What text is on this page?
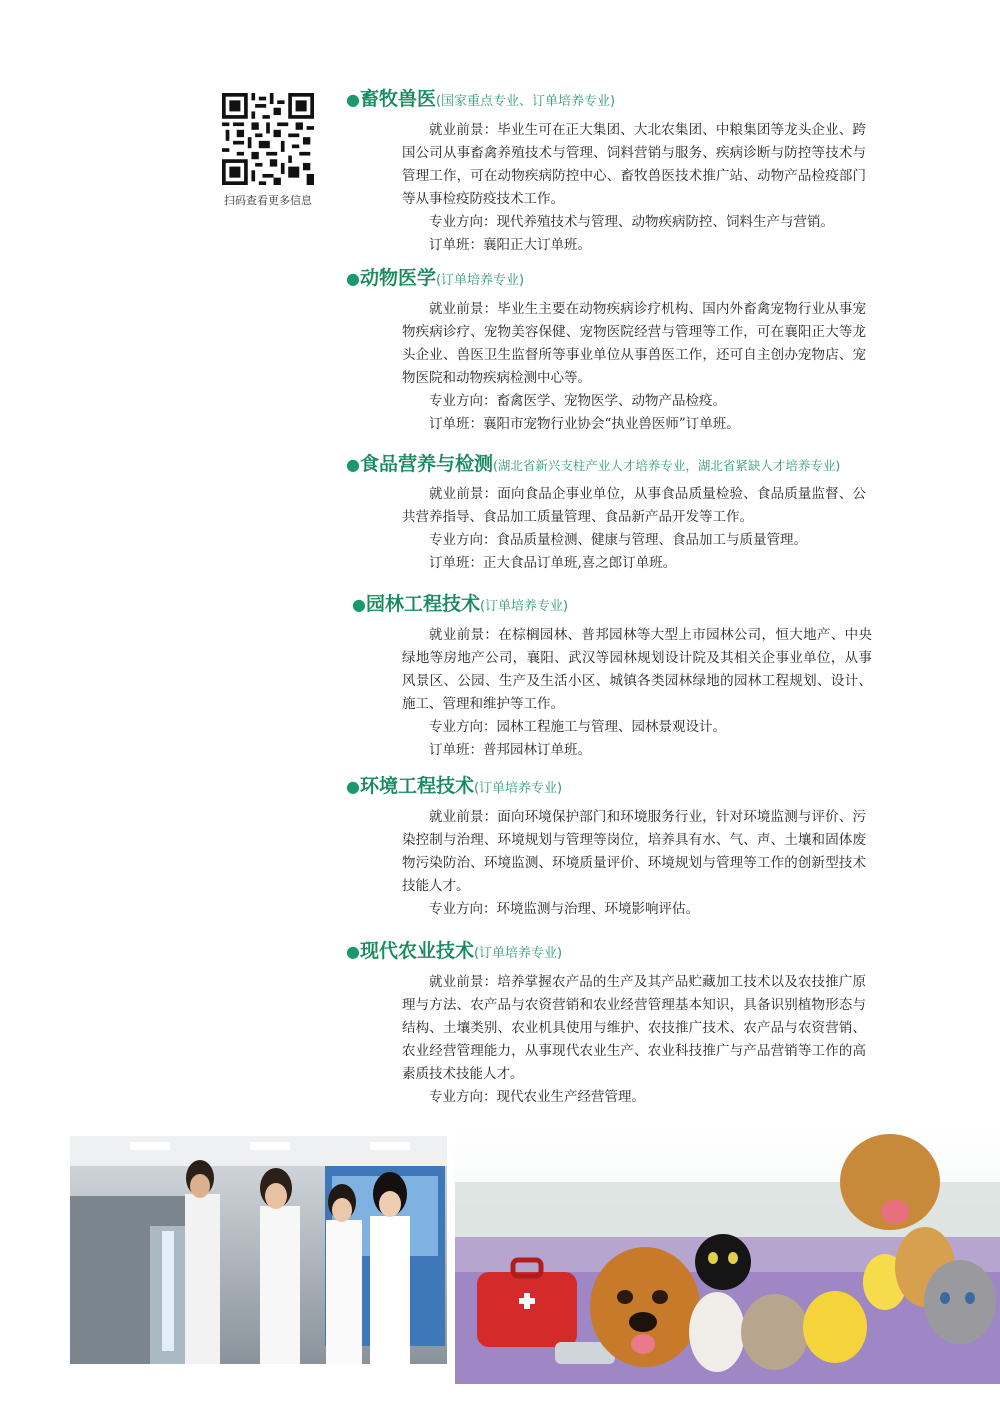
扫码查看更多信息
●畜牧兽医(国家重点专业、订单培养专业)

就业前景：毕业生可在正大集团、大北农集团、中粮集团等龙头企业、跨国公司从事畜禽养殖技术与管理、饲料营销与服务、疾病诊断与防控等技术与管理工作，可在动物疾病防控中心、畜牧兽医技术推广站、动物产品检疫部门等从事检疫防疫技术工作。

专业方向：现代养殖技术与管理、动物疾病防控、饲料生产与营销。

订单班：襄阳正大订单班。

●动物医学(订单培养专业)

就业前景：毕业生主要在动物疾病诊疗机构、国内外畜禽宠物行业从事宠物疾病诊疗、宠物美容保健、宠物医院经营与管理等工作，可在襄阳正大等龙头企业、兽医卫生监督所等事业单位从事兽医工作，还可自主创办宠物店、宠物医院和动物疾病检测中心等。

专业方向：畜禽医学、宠物医学、动物产品检疫。

订单班：襄阳市宠物行业协会“执业兽医师”订单班。

●食品营养与检测(湖北省新兴支柱产业人才培养专业，湖北省紧缺人才培养专业)

就业前景：面向食品企事业单位，从事食品质量检验、食品质量监督、公共营养指导、食品加工质量管理、食品新产品开发等工作。

专业方向：食品质量检测、健康与管理、食品加工与质量管理。

订单班：正大食品订单班,喜之郎订单班。

●园林工程技术(订单培养专业)

就业前景：在棕榈园林、普邦园林等大型上市园林公司，恒大地产、中央绿地等房地产公司，襄阳、武汉等园林规划设计院及其相关企事业单位，从事风景区、公园、生产及生活小区、城镇各类园林绿地的园林工程规划、设计、施工、管理和维护等工作。

专业方向：园林工程施工与管理、园林景观设计。

订单班：普邦园林订单班。

●环境工程技术(订单培养专业)

就业前景：面向环境保护部门和环境服务行业，针对环境监测与评价、污染控制与治理、环境规划与管理等岗位，培养具有水、气、声、土壤和固体废物污染防治、环境监测、环境质量评价、环境规划与管理等工作的创新型技术技能人才。

专业方向：环境监测与治理、环境影响评估。

●现代农业技术(订单培养专业)

就业前景：培养掌握农产品的生产及其产品贮藏加工技术以及农技推广原理与方法、农产品与农资营销和农业经营管理基本知识，具备识别植物形态与结构、土壤类别、农业机具使用与维护、农技推广技术、农产品与农资营销、农业经营管理能力，从事现代农业生产、农业科技推广与产品营销等工作的高素质技术技能人才。

专业方向：现代农业生产经营管理。
